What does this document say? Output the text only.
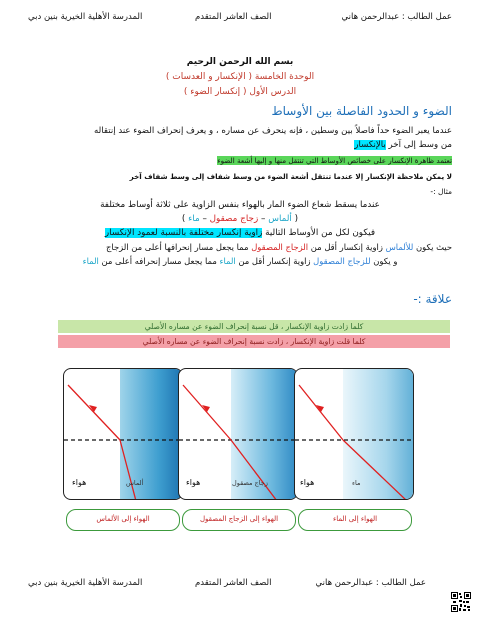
عمل الطالب : عبدالرحمن هاني
الصف العاشر المتقدم
المدرسة الأهلية الخيرية بنين دبي
بسم الله الرحمن الرحيم
الوحدة الخامسة ( الإنكسار و العدسات )
الدرس الأول ( إنكسار الضوء )
الضوء و الحدود الفاصلة بين الأوساط
عندما يعبر الضوء حداً فاصلاً بين وسطين ، فإنه ينحرف عن مساره ، و يعرف إنحراف الضوء عند إنتقاله
من وسط إلى آخر بالإنكسار
تعتمد ظاهرة الإنكسار على خصائص الأوساط التي تنتقل منها و إليها أشعة الضوء
لا يمكن ملاحظة الإنكسار إلا عندما تنتقل أشعة الضوء من وسط شفاف إلى وسط شفاف آخر
مثال :-
عندما يسقط شعاع الضوء المار بالهواء بنفس الزاوية على ثلاثة أوساط مختلفة
( ألماس – زجاج مصقول – ماء )
فيكون لكل من الأوساط التالية زاوية إنكسار مختلفة بالنسبة لعمود الإنكسار
حيث يكون للألماس زاوية إنكسار أقل من الزجاج المصقول مما يجعل مسار إنحرافها أعلى من الزجاج
و يكون للزجاج المصقول زاوية إنكسار أقل من الماء مما يجعل مسار إنحرافه أعلى من الماء
علاقة :-
كلما زادت زاوية الإنكسار ، قل نسبة إنحراف الضوء عن مساره الأصلي
كلما قلت زاوية الإنكسار ، زادت نسبة إنحراف الضوء عن مساره الأصلي
ألماس
هواء	زجاج مصقول
هواء	ماء
هواء
الهواء إلى الألماس	الهواء إلى الزجاج المصقول	الهواء إلى الماء
عمل الطالب : عبدالرحمن هاني
الصف العاشر المتقدم
المدرسة الأهلية الخيرية بنين دبي
